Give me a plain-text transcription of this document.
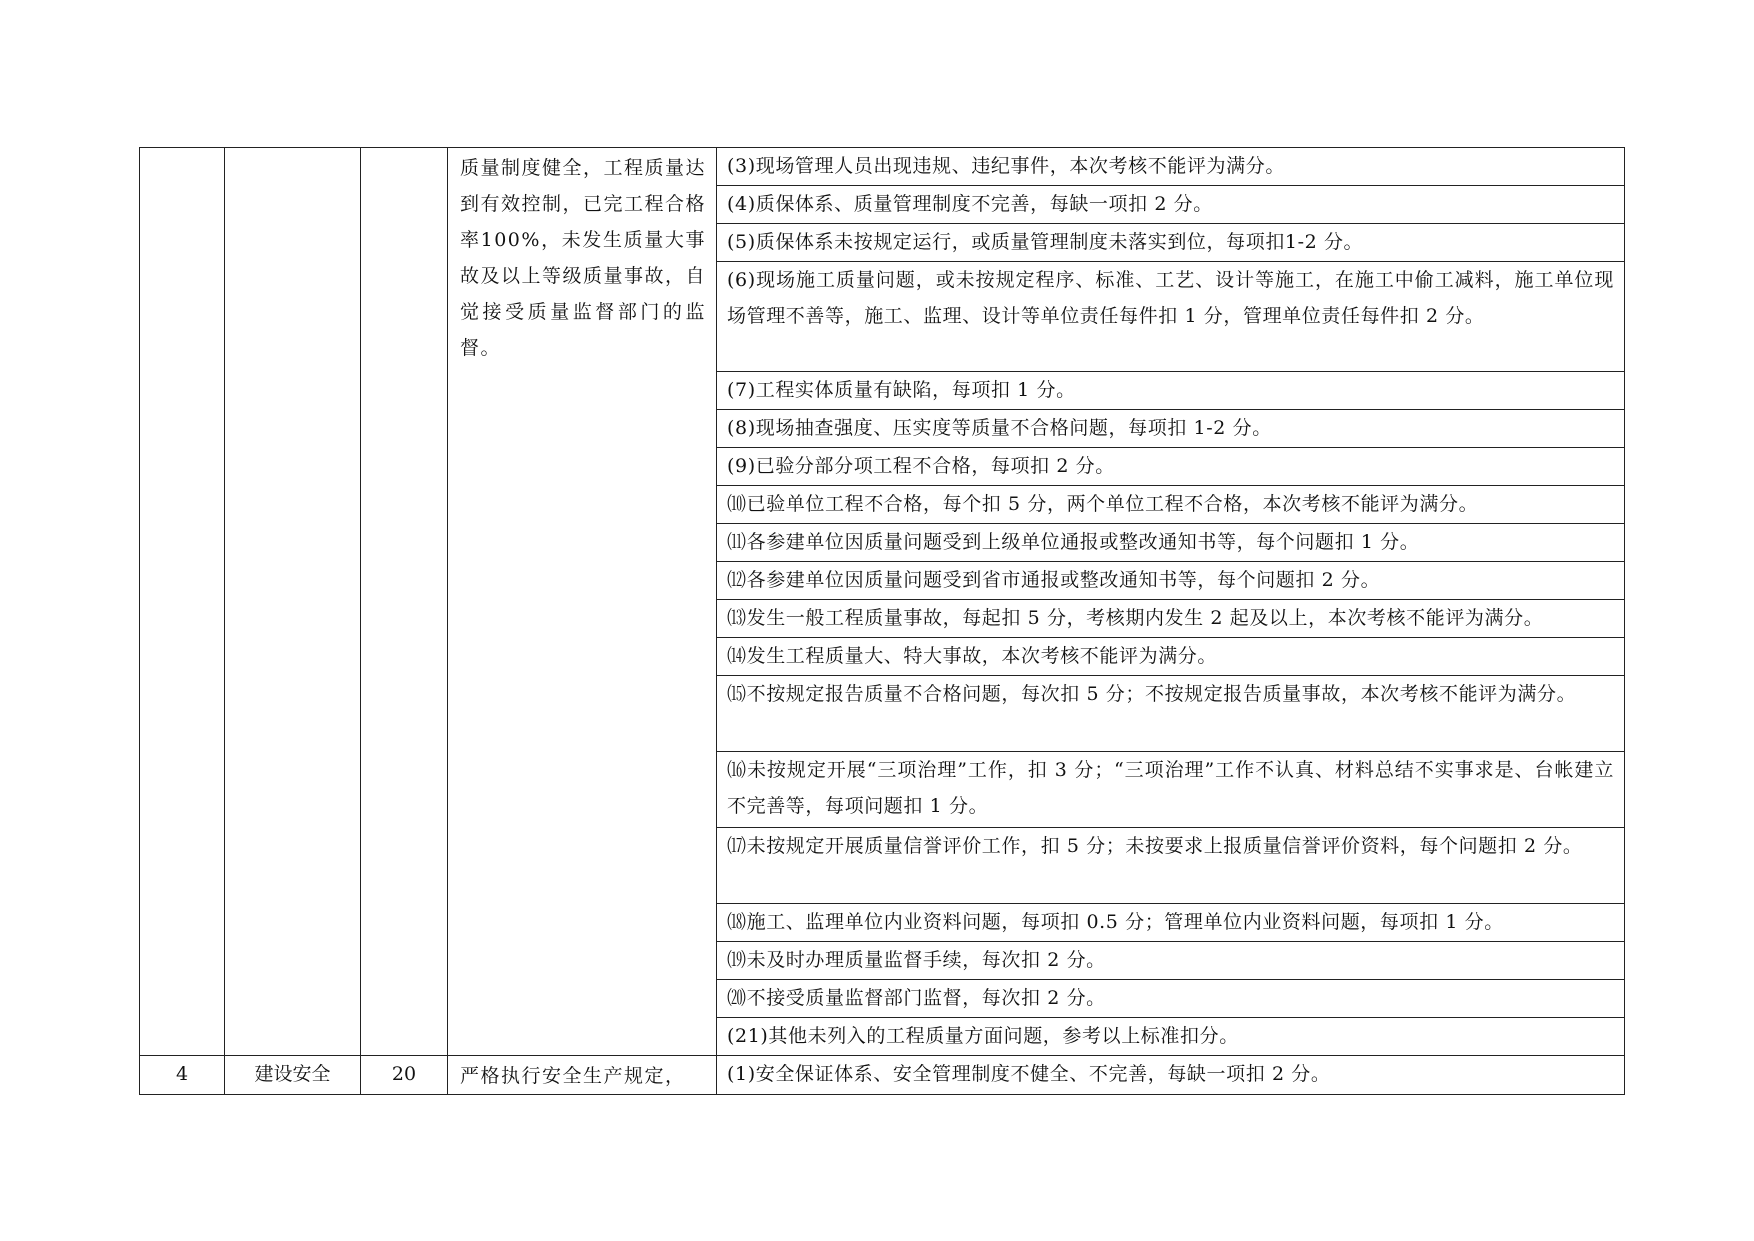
			质量制度健全，工程质量达到有效控制，已完工程合格率100%，未发生质量大事故及以上等级质量事故，自觉接受质量监督部门的监督。	(3)现场管理人员出现违规、违纪事件，本次考核不能评为满分。

				(4)质保体系、质量管理制度不完善，每缺一项扣 2 分。

				(5)质保体系未按规定运行，或质量管理制度未落实到位，每项扣1-2 分。

				(6)现场施工质量问题，或未按规定程序、标准、工艺、设计等施工，在施工中偷工减料，施工单位现场管理不善等，施工、监理、设计等单位责任每件扣 1 分，管理单位责任每件扣 2 分。

				(7)工程实体质量有缺陷，每项扣 1 分。

				(8)现场抽查强度、压实度等质量不合格问题，每项扣 1-2 分。

				(9)已验分部分项工程不合格，每项扣 2 分。

				⑽已验单位工程不合格，每个扣 5 分，两个单位工程不合格，本次考核不能评为满分。

				⑾各参建单位因质量问题受到上级单位通报或整改通知书等，每个问题扣 1 分。

				⑿各参建单位因质量问题受到省市通报或整改通知书等，每个问题扣 2 分。

				⒀发生一般工程质量事故，每起扣 5 分，考核期内发生 2 起及以上，本次考核不能评为满分。

				⒁发生工程质量大、特大事故，本次考核不能评为满分。

				⒂不按规定报告质量不合格问题，每次扣 5 分；不按规定报告质量事故，本次考核不能评为满分。

				⒃未按规定开展“三项治理”工作，扣 3 分；“三项治理”工作不认真、材料总结不实事求是、台帐建立不完善等，每项问题扣 1 分。

				⒄未按规定开展质量信誉评价工作，扣 5 分；未按要求上报质量信誉评价资料，每个问题扣 2 分。

				⒅施工、监理单位内业资料问题，每项扣 0.5 分；管理单位内业资料问题，每项扣 1 分。

				⒆未及时办理质量监督手续，每次扣 2 分。

				⒇不接受质量监督部门监督，每次扣 2 分。

				(21)其他未列入的工程质量方面问题，参考以上标准扣分。

4	建设安全	20	严格执行安全生产规定，	(1)安全保证体系、安全管理制度不健全、不完善，每缺一项扣 2 分。
